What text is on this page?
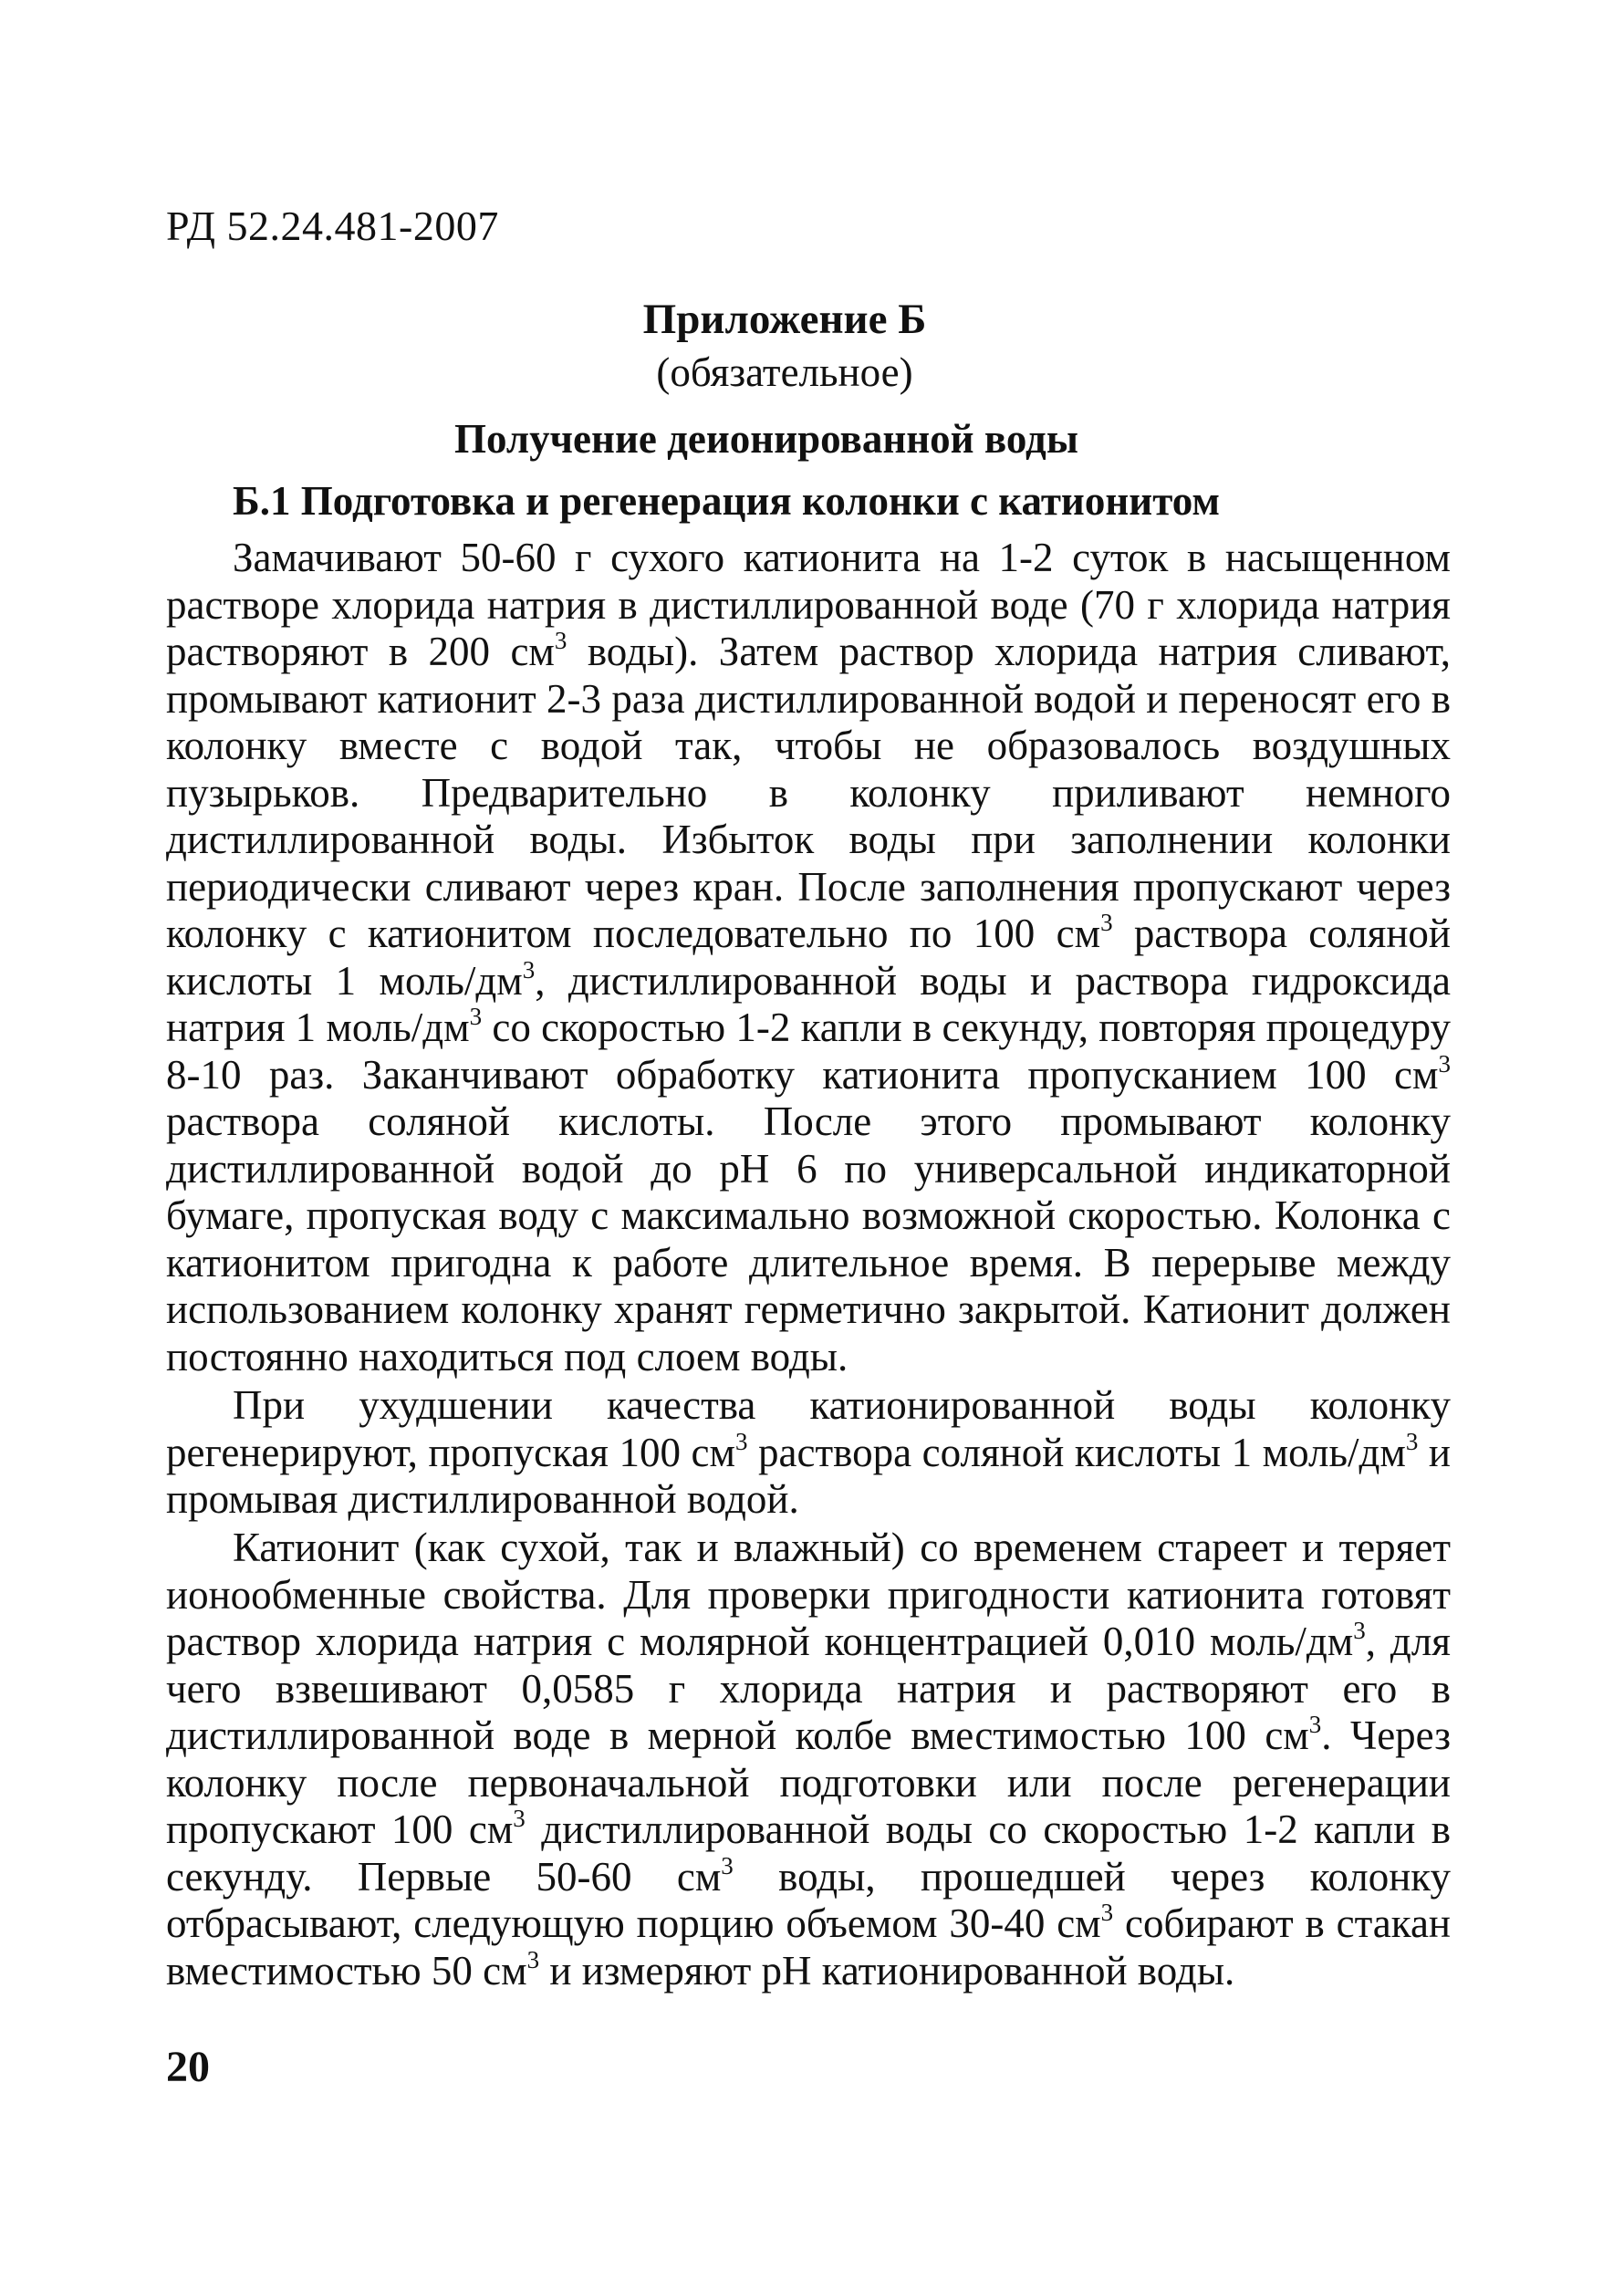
РД 52.24.481-2007
Приложение Б
(обязательное)
Получение деионированной воды
Б.1 Подготовка и регенерация колонки с катионитом

Замачивают 50-60 г сухого катионита на 1-2 суток в насыщенном растворе хлорида натрия в дистиллированной воде (70 г хлорида натрия растворяют в 200 $см^3$ воды). Затем раствор хлорида натрия сливают, промывают катионит 2-3 раза дистиллированной водой и переносят его в колонку вместе с водой так, чтобы не образовалось воздушных пузырьков. Предварительно в колонку приливают немного дистиллированной воды. Избыток воды при заполнении колонки периодически сливают через кран. После заполнения пропускают через колонку с катионитом последовательно по 100 $см^3$ раствора соляной кислоты 1 моль/$дм^3$, дистиллированной воды и раствора гидроксида натрия 1 моль/$дм^3$ со скоростью 1-2 капли в секунду, повторяя процедуру 8-10 раз. Заканчивают обработку катионита пропусканием 100 $см^3$ раствора соляной кислоты. После этого промывают колонку дистиллированной водой до рН 6 по универсальной индикаторной бумаге, пропуская воду с максимально возможной скоростью. Колонка с катионитом пригодна к работе длительное время. В перерыве между использованием колонку хранят герметично закрытой. Катионит должен постоянно находиться под слоем воды.

При ухудшении качества катионированной воды колонку регенерируют, пропуская 100 $см^3$ раствора соляной кислоты 1 моль/$дм^3$ и промывая дистиллированной водой.

Катионит (как сухой, так и влажный) со временем стареет и теряет ионообменные свойства. Для проверки пригодности катионита готовят раствор хлорида натрия с молярной концентрацией 0,010 моль/$дм^3$, для чего взвешивают 0,0585 г хлорида натрия и растворяют его в дистиллированной воде в мерной колбе вместимостью 100 $см^3$. Через колонку после первоначальной подготовки или после регенерации пропускают 100 $см^3$ дистиллированной воды со скоростью 1-2 капли в секунду. Первые 50-60 $см^3$ воды, прошедшей через колонку отбрасывают, следующую порцию объемом 30-40 $см^3$ собирают в стакан вместимостью 50 $см^3$ и измеряют рН катионированной воды.

20
